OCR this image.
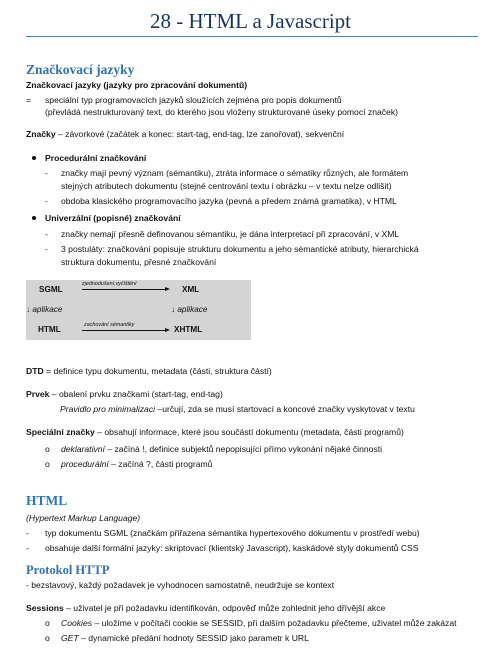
28 - HTML a Javascript
Značkovací jazyky
Značkovací jazyky (jazyky pro zpracování dokumentů)
= speciální typ programovacích jazyků sloužících zejména pro popis dokumentů
(převládá nestrukturovaný text, do kterého jsou vloženy strukturované úseky pomocí značek)
Značky – závorkové (začátek a konec: start-tag, end-tag, lze zanořovat), sekvenční
Procedurální značkování
- značky mají pevný význam (sémantiku), ztráta informace o sématiky různých, ale formátem
stejných atributech dokumentu (stejné centrování textu i obrázku – v textu nelze odlišit)
- obdoba klasického programovacího jazyka (pevná a předem známá gramatika), v HTML
Univerzální (popisné) značkování
- značky nemají přesně definovanou sémantiku, je dána interpretací při zpracování, v XML
- 3 postuláty: značkování popisuje strukturu dokumentu a jeho sémantické atributy, hierarchická
struktura dokumentu, přesné značkování
SGML
zjednodušení,vyčištění
XML
↓ aplikace	↓ aplikace
HTML	zachování sémantiky	XHTML
DTD = definice typu dokumentu, metadata (části, struktura částí)
Prvek – obalení prvku značkami (start-tag, end-tag)
Pravidlo pro minimalizaci –určují, zda se musí startovací a koncové značky vyskytovat v textu
Speciální značky – obsahují informace, které jsou součástí dokumentu (metadata, části programů)
o deklarativní – začíná !, definice subjektů nepopisující přímo vykonání nějaké činnosti
o procedurální – začíná ?, části programů
HTML
(Hypertext Markup Language)
- typ dokumentu SGML (značkám přiřazena sémantika hypertexového dokumentu v prostředí webu)
- obsahuje další formální jazyky: skriptovací (klientský Javascript), kaskádové styly dokumentů CSS
Protokol HTTP
- bezstavový, každý požadavek je vyhodnocen samostatně, neudržuje se kontext
Sessions – uživatel je při požadavku identifikován, odpověď může zohlednit jeho dřívější akce
o Cookies – uložíme v počítači cookie se SESSID, při dalším požadavku přečteme, uživatel může zakázat
o GET – dynamické předání hodnoty SESSID jako parametr k URL
